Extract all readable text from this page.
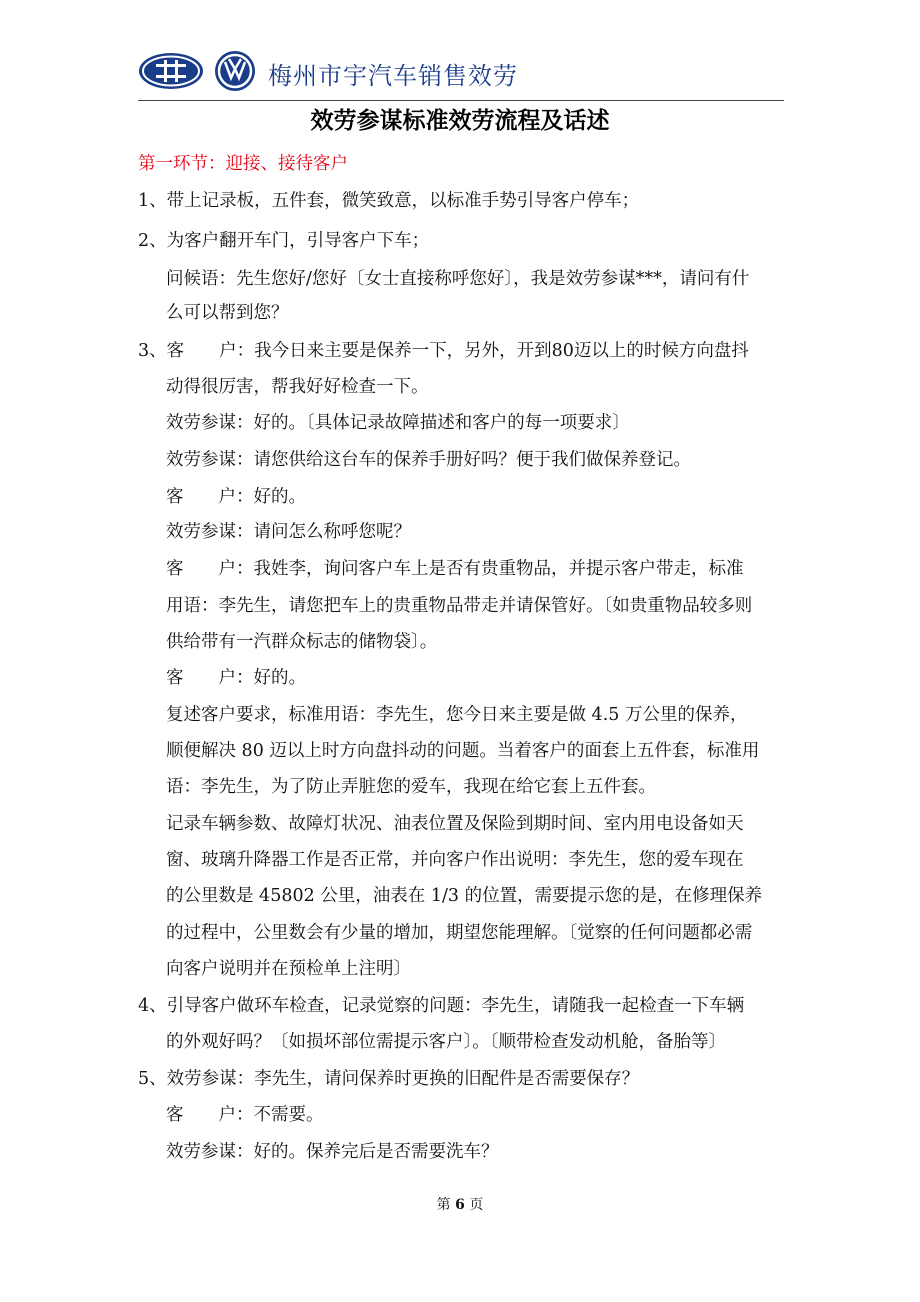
梅州市宇汽车销售效劳
效劳参谋标准效劳流程及话述
第一环节：迎接、接待客户
1、带上记录板，五件套，微笑致意，以标准手势引导客户停车；
2、为客户翻开车门，引导客户下车；
问候语：先生您好/您好〔女士直接称呼您好〕，我是效劳参谋***，请问有什
么可以帮到您？
3、客　　户：我今日来主要是保养一下，另外，开到80迈以上的时候方向盘抖
动得很厉害，帮我好好检查一下。
效劳参谋：好的。〔具体记录故障描述和客户的每一项要求〕
效劳参谋：请您供给这台车的保养手册好吗？便于我们做保养登记。
客　　户：好的。
效劳参谋：请问怎么称呼您呢？
客　　户：我姓李，询问客户车上是否有贵重物品，并提示客户带走，标准
用语：李先生，请您把车上的贵重物品带走并请保管好。〔如贵重物品较多则
供给带有一汽群众标志的储物袋〕。
客　　户：好的。
复述客户要求，标准用语：李先生，您今日来主要是做 4.5 万公里的保养，
顺便解决 80 迈以上时方向盘抖动的问题。当着客户的面套上五件套，标准用
语：李先生，为了防止弄脏您的爱车，我现在给它套上五件套。
记录车辆参数、故障灯状况、油表位置及保险到期时间、室内用电设备如天
窗、玻璃升降器工作是否正常，并向客户作出说明：李先生，您的爱车现在
的公里数是 45802 公里，油表在 1/3 的位置，需要提示您的是，在修理保养
的过程中，公里数会有少量的增加，期望您能理解。〔觉察的任何问题都必需
向客户说明并在预检单上注明〕
4、引导客户做环车检查，记录觉察的问题：李先生，请随我一起检查一下车辆
的外观好吗？〔如损坏部位需提示客户〕。〔顺带检查发动机舱，备胎等〕
5、效劳参谋：李先生，请问保养时更换的旧配件是否需要保存？
客　　户：不需要。
效劳参谋：好的。保养完后是否需要洗车？
第 6 页
